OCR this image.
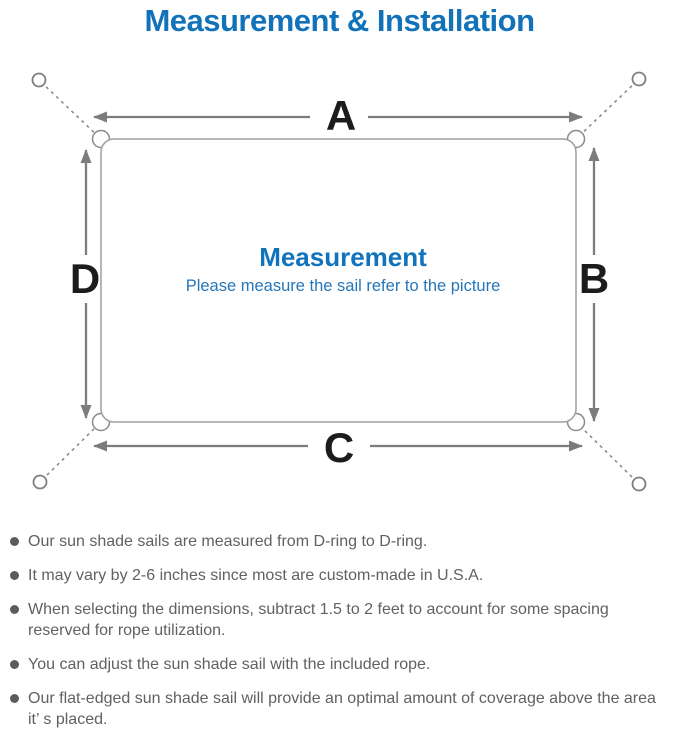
Measurement & Installation
A
B
C
D	Measurement
Please measure the sail refer to the picture
Our sun shade sails are measured from D-ring to D-ring.
It may vary by 2-6 inches since most are custom-made in U.S.A.
When selecting the dimensions, subtract 1.5 to 2 feet to account for some spacing reserved for rope utilization.
You can adjust the sun shade sail with the included rope.
Our flat-edged sun shade sail will provide an optimal amount of coverage above the area it’ s placed.
